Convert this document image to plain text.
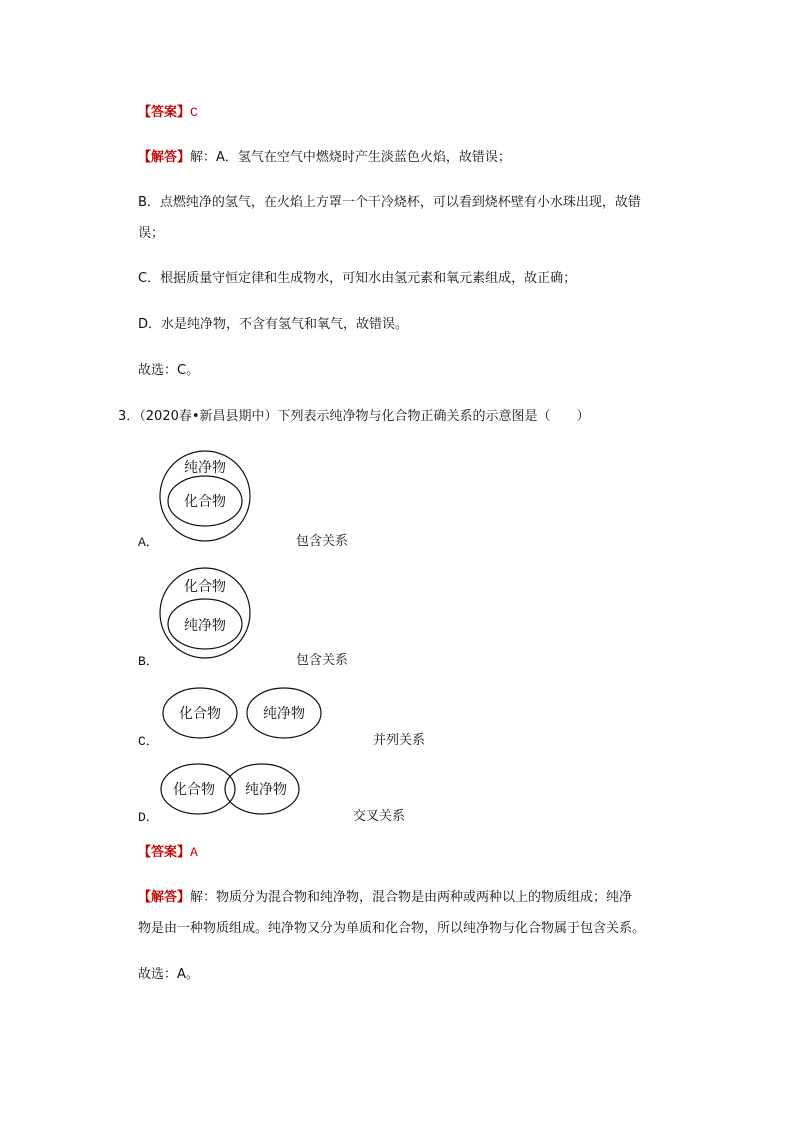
【答案】C
【解答】解：A．氢气在空气中燃烧时产生淡蓝色火焰，故错误；
B．点燃纯净的氢气，在火焰上方罩一个干冷烧杯，可以看到烧杯壁有小水珠出现，故错
误；
C．根据质量守恒定律和生成物水，可知水由氢元素和氧元素组成，故正确；
D．水是纯净物，不含有氢气和氧气，故错误。
故选：C。
3．（2020春•新昌县期中）下列表示纯净物与化合物正确关系的示意图是（　　）
纯净物
化合物
A．	包含关系
化合物
纯净物
B．	包含关系
化合物	纯净物
C．	并列关系
化合物 纯净物
D．	交叉关系
【答案】A
【解答】解：物质分为混合物和纯净物，混合物是由两种或两种以上的物质组成；纯净
物是由一种物质组成。纯净物又分为单质和化合物，所以纯净物与化合物属于包含关系。
故选：A。
